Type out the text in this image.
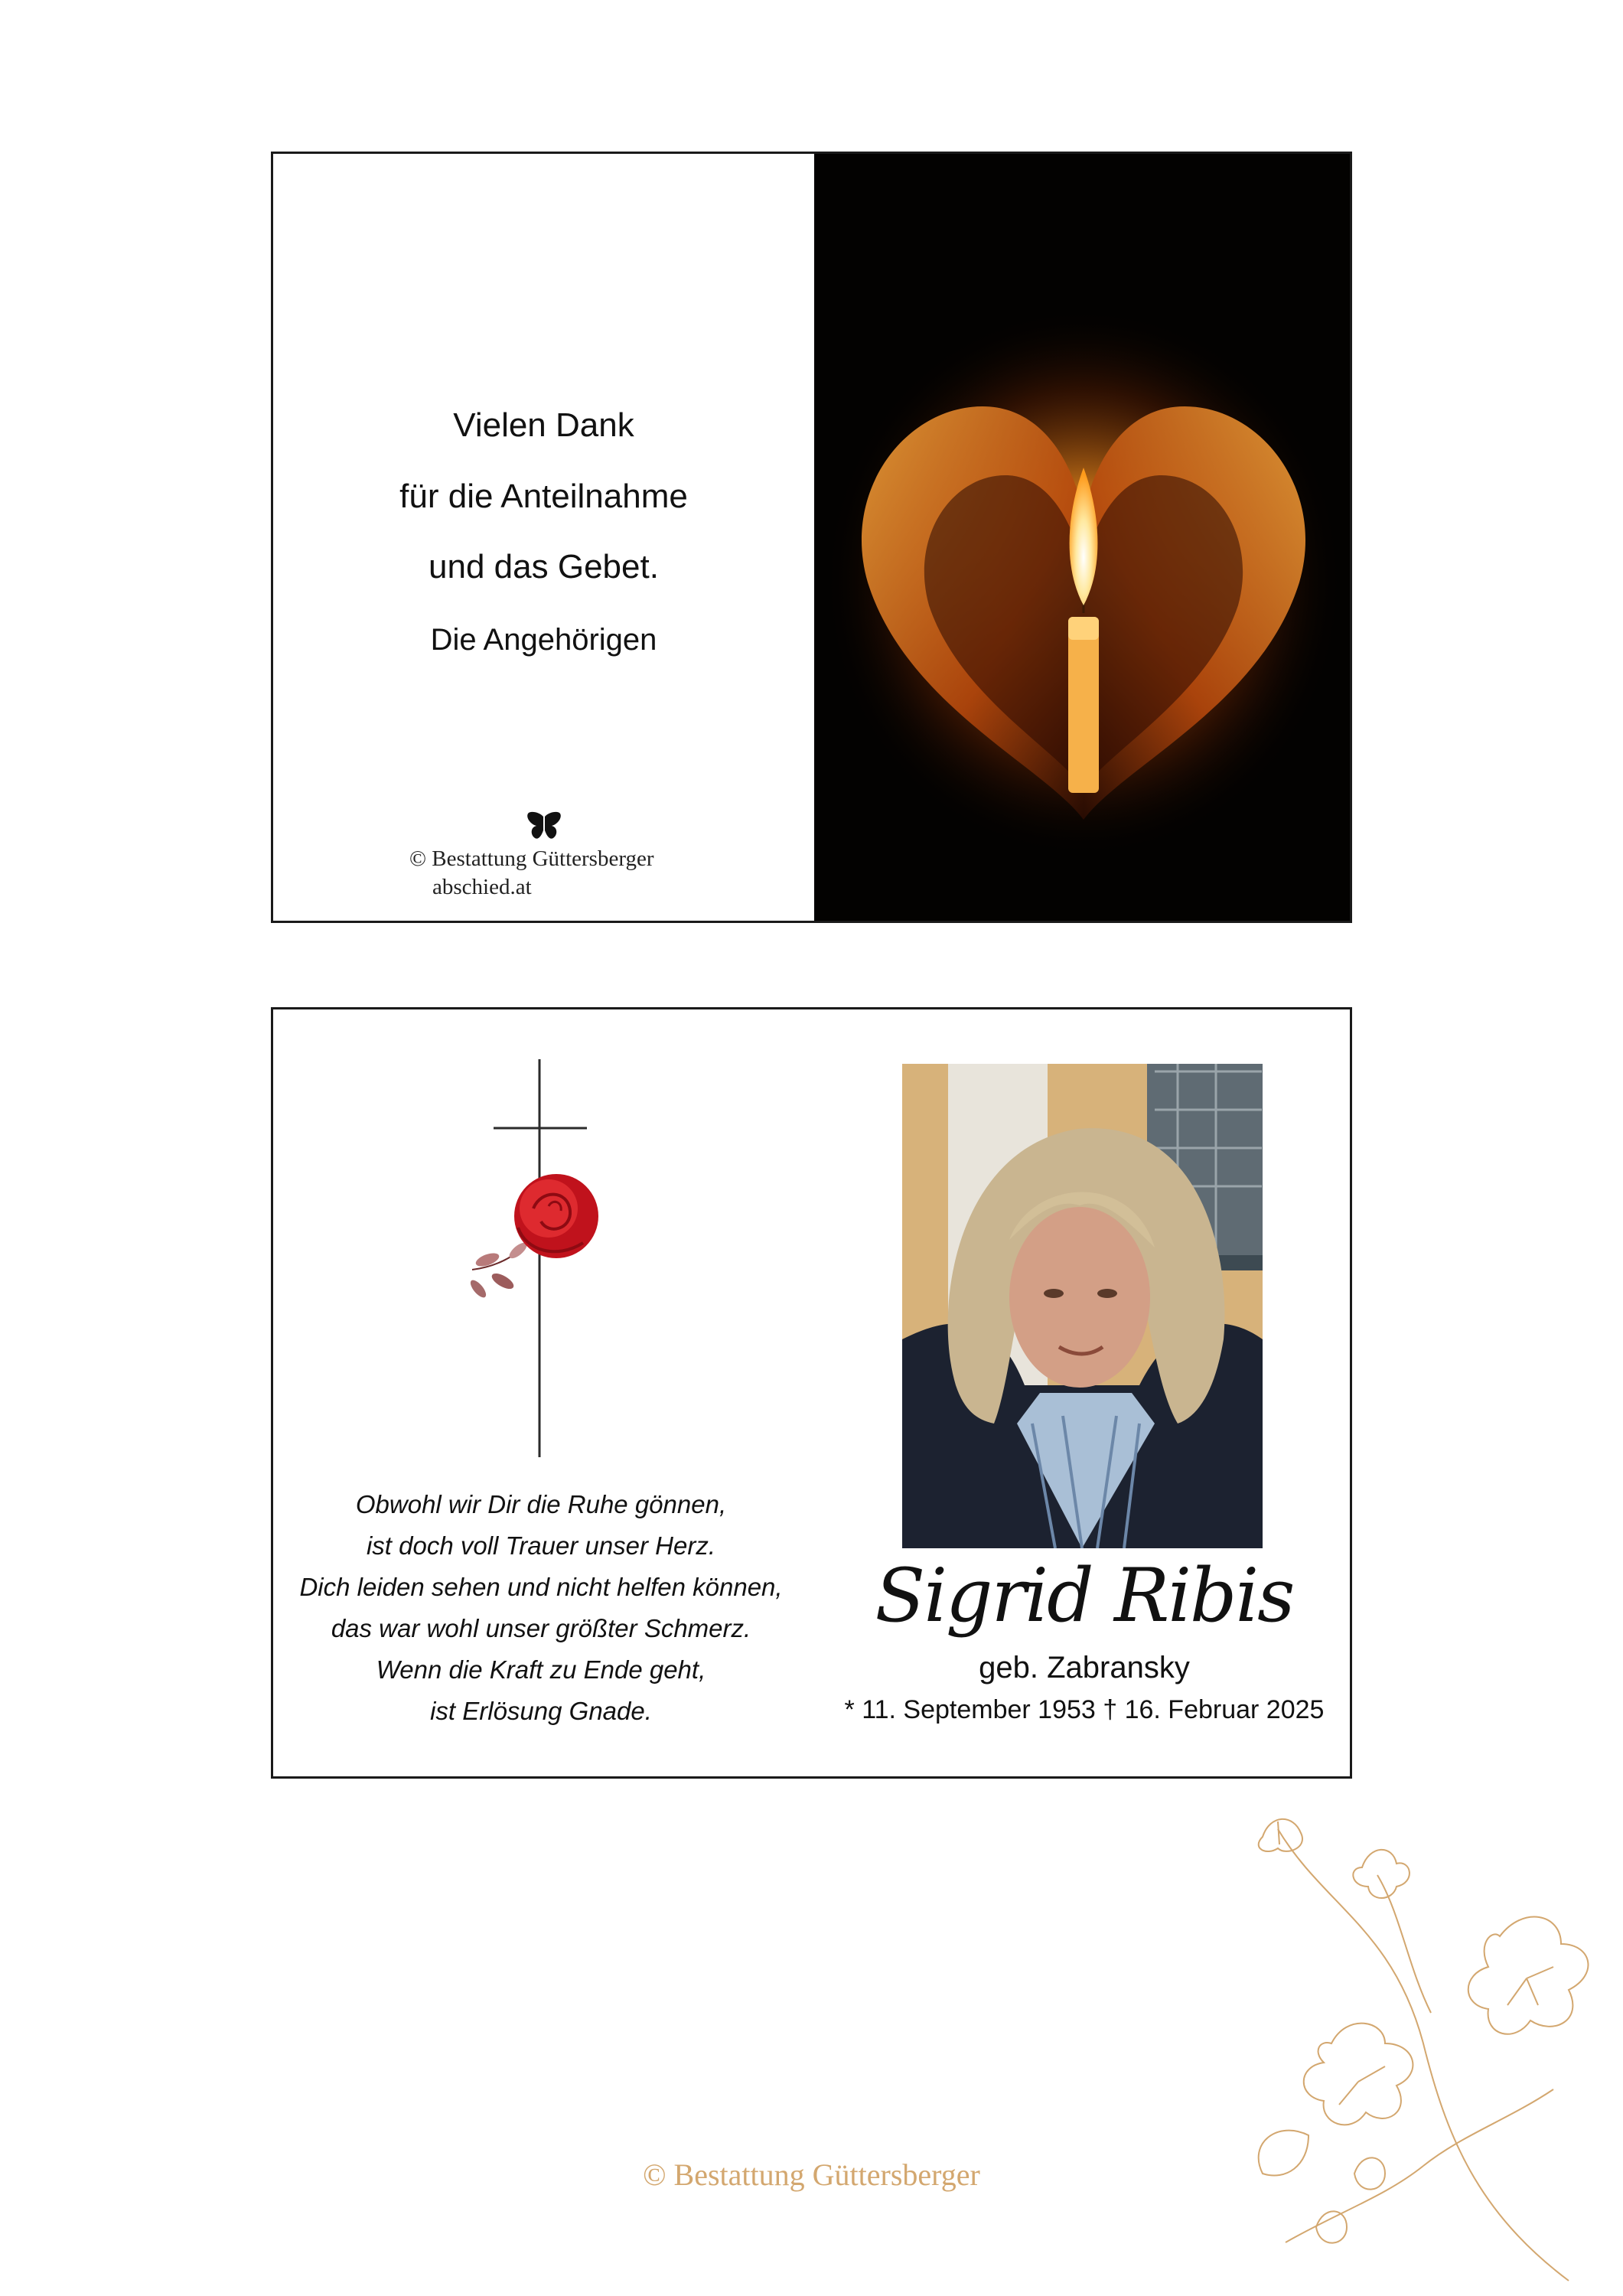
Vielen Dank
für die Anteilnahme
und das Gebet.
Die Angehörigen
© Bestattung Güttersberger
abschied.at
Obwohl wir Dir die Ruhe gönnen,
ist doch voll Trauer unser Herz.
Dich leiden sehen und nicht helfen können,
das war wohl unser größter Schmerz.
Wenn die Kraft zu Ende geht,
ist Erlösung Gnade.
Sigrid Ribis
geb. Zabransky
* 11. September 1953 † 16. Februar 2025
© Bestattung Güttersberger
